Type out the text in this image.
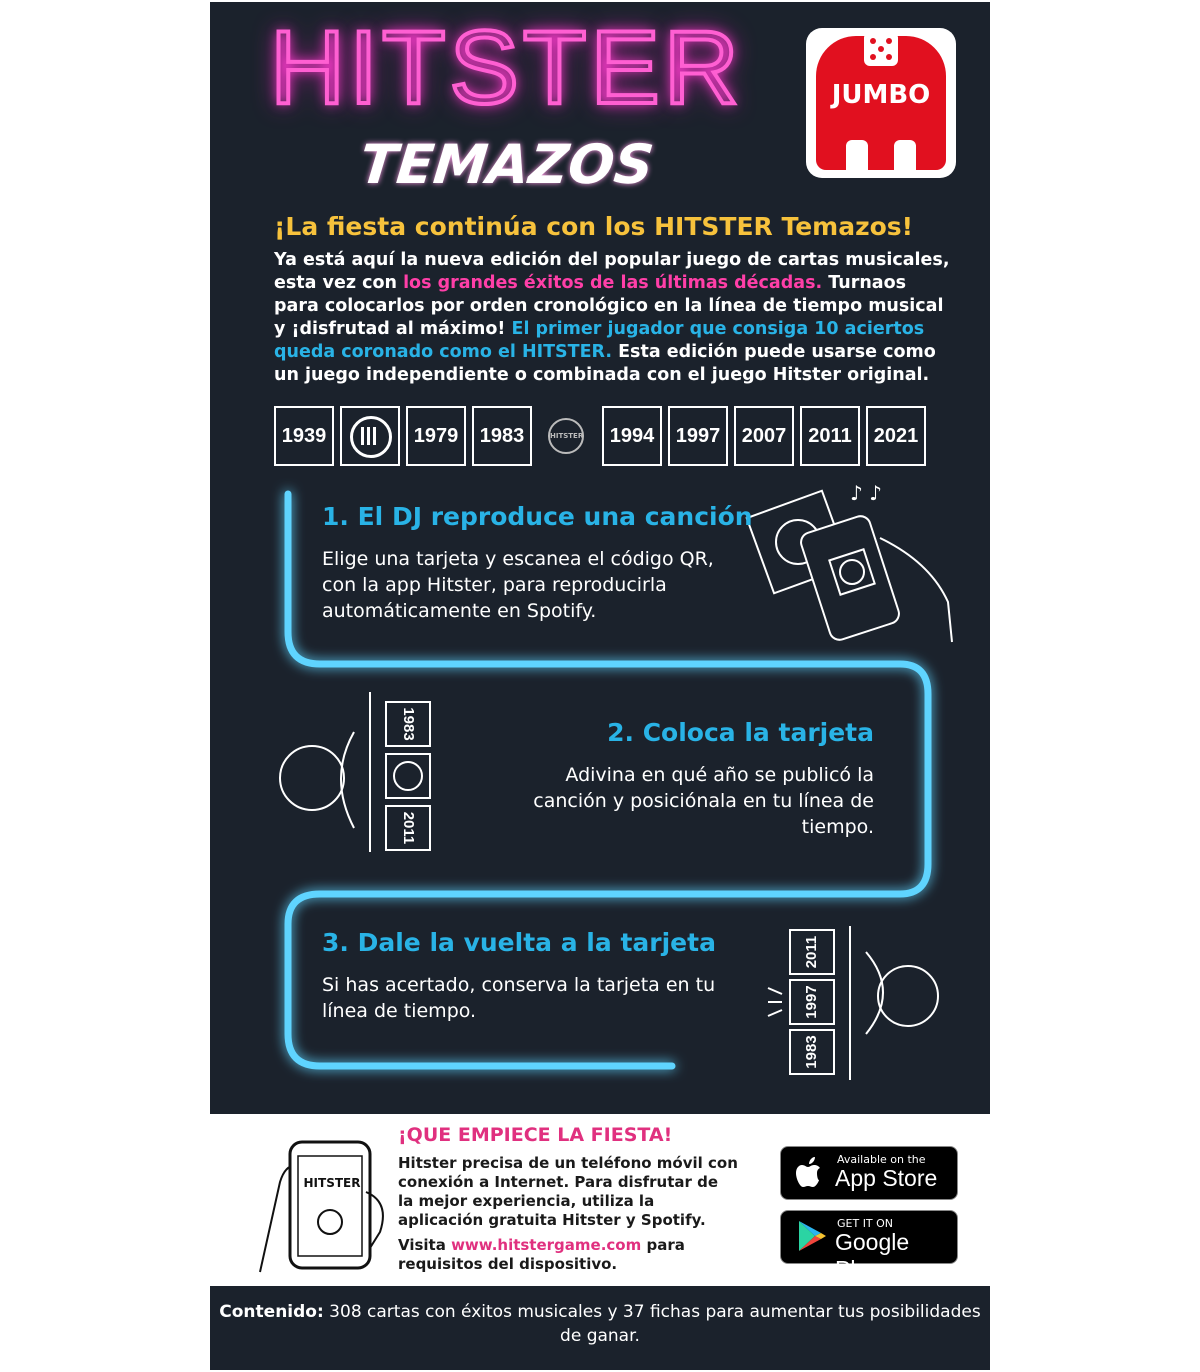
HITSTER
TEMAZOS
JUMBO
¡La fiesta continúa con los HITSTER Temazos!
Ya está aquí la nueva edición del popular juego de cartas musicales, esta vez con los grandes éxitos de las últimas décadas. Turnaos para colocarlos por orden cronológico en la línea de tiempo musical y ¡disfrutad al máximo! El primer jugador que consiga 10 aciertos queda coronado como el HITSTER. Esta edición puede usarse como un juego independiente o combinada con el juego Hitster original.
1939	1979	1983	HITSTER	1994	1997	2007	2011	2021
♪ ♪
1983
2011
2011
1997
1983
1. El DJ reproduce una canción
Elige una tarjeta y escanea el código QR, con la app Hitster, para reproducirla automáticamente en Spotify.
2. Coloca la tarjeta
Adivina en qué año se publicó la canción y posiciónala en tu línea de tiempo.
3. Dale la vuelta a la tarjeta
Si has acertado, conserva la tarjeta en tu línea de tiempo.
HITSTER
¡QUE EMPIECE LA FIESTA!
Hitster precisa de un teléfono móvil con conexión a Internet. Para disfrutar de la mejor experiencia, utiliza la aplicación gratuita Hitster y Spotify.
Visita www.hitstergame.com para requisitos del dispositivo.
Available on the
App Store
GET IT ON
Google Play
Contenido: 308 cartas con éxitos musicales y 37 fichas para aumentar tus posibilidades de ganar.
